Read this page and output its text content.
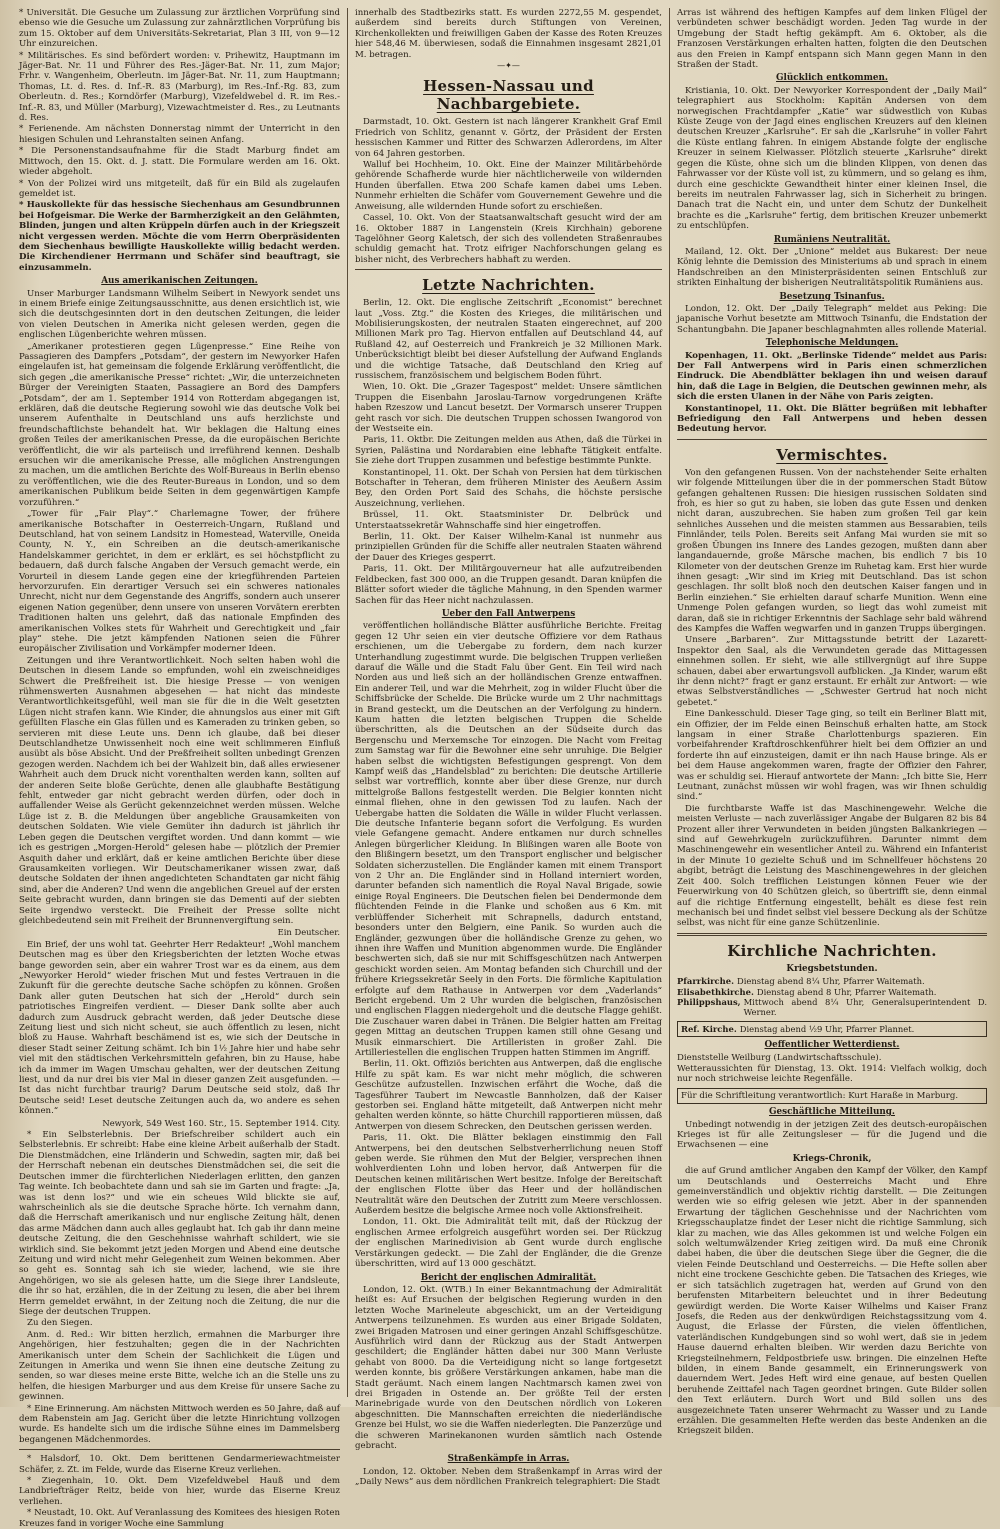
* Universität. Die Gesuche um Zulassung zur ärztlichen Vorprüfung sind ebenso wie die Gesuche um Zulassung zur zahnärztlichen Vorprüfung bis zum 15. Oktober auf dem Universitäts-Sekretariat, Plan 3 III, von 9—12 Uhr einzureichen.

* Militärisches. Es sind befördert worden: v. Prihewitz, Hauptmann im Jäger-Bat. Nr. 11 und Führer des Res.-Jäger-Bat. Nr. 11, zum Major; Frhr. v. Wangenheim, Oberleutn. im Jäger-Bat. Nr. 11, zum Hauptmann; Thomas, Lt. d. Res. d. Inf.-R. 83 (Marburg), im Res.-Inf.-Rg. 83, zum Oberleutn. d. Res.; Korndörfer (Marburg), Vizefeldwebel d. R. im Res.-Inf.-R. 83, und Müller (Marburg), Vizewachtmeister d. Res., zu Leutnants d. Res.

* Ferienende. Am nächsten Donnerstag nimmt der Unterricht in den hiesigen Schulen und Lehranstalten seinen Anfang.

* Die Personenstandsaufnahme für die Stadt Marburg findet am Mittwoch, den 15. Okt. d. J. statt. Die Formulare werden am 16. Okt. wieder abgeholt.

* Von der Polizei wird uns mitgeteilt, daß für ein Bild als zugelaufen gemeldet ist.

* Hauskollekte für das hessische Siechenhaus am Gesundbrunnen bei Hofgeismar. Die Werke der Barmherzigkeit an den Gelähmten, Blinden, jungen und alten Krüppeln dürfen auch in der Kriegszeit nicht vergessen werden. Möchte die vom Herrn Oberpräsidenten dem Siechenhaus bewilligte Hauskollekte willig bedacht werden. Die Kirchendiener Herrmann und Schäfer sind beauftragt, sie einzusammeln.

Aus amerikanischen Zeitungen.

Unser Marburger Landsmann Wilhelm Seibert in Newyork sendet uns in einem Briefe einige Zeitungsausschnitte, aus denen ersichtlich ist, wie sich die deutschgesinnten dort in den deutschen Zeitungen, die leider von vielen Deutschen in Amerika nicht gelesen werden, gegen die englischen Lügenberichte wehren müssen.

„Amerikaner protestieren gegen Lügenpresse.“ Eine Reihe von Passagieren des Dampfers „Potsdam“, der gestern im Newyorker Hafen eingelaufen ist, hat gemeinsam die folgende Erklärung veröffentlicht, die sich gegen „die amerikanische Presse“ richtet: „Wir, die unterzeichneten Bürger der Vereinigten Staaten, Passagiere an Bord des Dampfers „Potsdam“, der am 1. September 1914 von Rotterdam abgegangen ist, erklären, daß die deutsche Regierung sowohl wie das deutsche Volk bei unserem Aufenthalte in Deutschland uns aufs herzlichste und freundschaftlichste behandelt hat. Wir beklagen die Haltung eines großen Teiles der amerikanischen Presse, da die europäischen Berichte veröffentlicht, die wir als parteiisch und irreführend kennen. Deshalb ersuchen wir die amerikanische Presse, alle möglichen Anstrengungen zu machen, um die amtlichen Berichte des Wolf-Bureaus in Berlin ebenso zu veröffentlichen, wie die des Reuter-Bureaus in London, und so dem amerikanischen Publikum beide Seiten in dem gegenwärtigen Kampfe vorzuführen.“

„Tower für „Fair Play“.“ Charlemagne Tower, der frühere amerikanische Botschafter in Oesterreich-Ungarn, Rußland und Deutschland, hat von seinem Landsitz in Homestead, Waterville, Oneida County, N. Y., ein Schreiben an die deutsch-amerikanische Handelskammer gerichtet, in dem er erklärt, es sei höchstpflicht zu bedauern, daß durch falsche Angaben der Versuch gemacht werde, ein Vorurteil in diesem Lande gegen eine der kriegführenden Parteien hervorzurufen. Ein derartiger Versuch sei ein schweres nationales Unrecht, nicht nur dem Gegenstande des Angriffs, sondern auch unserer eigenen Nation gegenüber, denn unsere von unseren Vorvätern ererbten Traditionen halten uns gelehrt, daß das nationale Empfinden des amerikanischen Volkes stets für Wahrheit und Gerechtigkeit und „fair play“ stehe. Die jetzt kämpfenden Nationen seien die Führer europäischer Zivilisation und Vorkämpfer moderner Ideen.

Zeitungen und ihre Verantwortlichkeit. Noch selten haben wohl die Deutschen in diesem Lande so empfunden, wohl ein zweischneidiges Schwert die Preßfreiheit ist. Die hiesige Presse — von wenigen rühmenswerten Ausnahmen abgesehen — hat nicht das mindeste Verantwortlichkeitsgefühl, weil man sie für die in die Welt gesetzten Lügen nicht strafen kann. Wie Kinder, die ahnungslos aus einer mit Gift gefüllten Flasche ein Glas füllen und es Kameraden zu trinken geben, so servieren mit diese Leute uns. Denn ich glaube, daß bei dieser Deutschlandhetze Unwissenheit noch eine weit schlimmeren Einfluß ausübt als böse Absicht. Und der Preßfreiheit sollten unbedingt Grenzen gezogen werden. Nachdem ich bei der Wahlzeit bin, daß alles erwiesener Wahrheit auch dem Druck nicht vorenthalten werden kann, sollten auf der anderen Seite bloße Gerüchte, denen alle glaubhafte Bestätigung fehlt, entweder gar nicht gebracht werden dürfen, oder doch in auffallender Weise als Gerücht gekennzeichnet werden müssen. Welche Lüge ist z. B. die Meldungen über angebliche Grausamkeiten von deutschen Soldaten. Wie viele Gemüter ihn dadurch ist jährlich ihr Leben gegen die Deutschen vergiftet worden. Und dann kommt — wie ich es gestrigen „Morgen-Herold“ gelesen habe — plötzlich der Premier Asquith daher und erklärt, daß er keine amtlichen Berichte über diese Grausamkeiten vorliegen. Wir Deutschamerikaner wissen zwar, daß deutsche Soldaten der ihnen angedichteten Schandtaten gar nicht fähig sind, aber die Anderen? Und wenn die angeblichen Greuel auf der ersten Seite gebracht wurden, dann bringen sie das Dementi auf der siebten Seite irgendwo versteckt. Die Freiheit der Presse sollte nicht gleichbedeutend sein mit Freiheit der Brunnenvergiftung sein.

Ein Deutscher.

Ein Brief, der uns wohl tat. Geehrter Herr Redakteur! „Wohl manchem Deutschen mag es über den Kriegsberichten der letzten Woche etwas bange geworden sein, aber ein wahrer Trost war es da einem, aus dem „Newyorker Herold“ wieder frischen Mut und festes Vertrauen in die Zukunft für die gerechte deutsche Sache schöpfen zu können. Großen Dank aller guten Deutschen hat sich der „Herold“ durch sein patriotisches Eingreifen verdient. — Dieser Dank sollte aber auch dadurch zum Ausdruck gebracht werden, daß jeder Deutsche diese Zeitung liest und sich nicht scheut, sie auch öffentlich zu lesen, nicht bloß zu Hause. Wahrhaft beschämend ist es, wie sich der Deutsche in dieser Stadt seiner Zeitung schämt. Ich bin 1½ Jahre hier und habe sehr viel mit den städtischen Verkehrsmitteln gefahren, bin zu Hause, habe ich da immer im Wagen Umschau gehalten, wer der deutschen Zeitung liest, und da nur drei bis vier Mal in dieser ganzen Zeit ausgefunden. — Ist das nicht furchtbar traurig? Darum Deutsche seid stolz, daß Ihr Deutsche seid! Leset deutsche Zeitungen auch da, wo andere es sehen können.“

Newyork, 549 West 160. Str., 15. September 1914. City.

* Ein Selbsterlebnis. Der Briefschreiber schildert auch ein Selbsterlebnis. Er schreibt: Habe eine kleine Arbeit außerhalb der Stadt. Die Dienstmädchen, eine Irländerin und Schwedin, sagten mir, daß bei der Herrschaft nebenan ein deutsches Dienstmädchen sei, die seit die Deutschen immer die fürchterlichen Niederlagen erlitten, den ganzen Tag weinte. Ich beobachtete dann und sah sie im Garten und fragte: „Ja, was ist denn los?“ und wie ein scheues Wild blickte sie auf, wahrscheinlich als sie die deutsche Sprache hörte. Ich vernahm dann, daß die Herrschaft amerikanisch und nur englische Zeitung hält, denen das arme Mädchen dann auch alles geglaubt hat. Ich gab ihr dann meine deutsche Zeitung, die den Geschehnisse wahrhaft schildert, wie sie wirklich sind. Sie bekommt jetzt jeden Morgen und Abend eine deutsche Zeitung und wird nicht mehr Gelegenheit zum Weinen bekommen. Aber so geht es. Sonntag sah ich sie wieder, lachend, wie sie ihre Angehörigen, wo sie als gelesen hatte, um die Siege ihrer Landsleute, die ihr so hat, erzählen, die in der Zeitung zu lesen, die aber bei ihrem Herrn gemeldet erwähnt, in der Zeitung noch die Zeitung, die nur die Siege der deutschen Truppen.

Zu den Siegen.

Anm. d. Red.: Wir bitten herzlich, ermahnen die Marburger ihre Angehörigen, hier festzuhalten; gegen die in der Nachrichten Amerikanisch unter dem Schein der Sachlichkeit die Lügen und Zeitungen in Amerika und wenn Sie ihnen eine deutsche Zeitung zu senden, so war dieses meine erste Bitte, welche ich an die Stelle uns zu helfen, die hiesigen Marburger und aus dem Kreise für unsere Sache zu gewinnen.

* Eine Erinnerung. Am nächsten Mittwoch werden es 50 Jahre, daß auf dem Rabenstein am Jag. Gericht über die letzte Hinrichtung vollzogen wurde. Es handelte sich um die irdische Sühne eines im Dammelsberg begangenen Mädchenmordes.

* Halsdorf, 10. Okt. Dem berittenen Gendarmeriewachtmeister Schäfer, z. Zt. im Felde, wurde das Eiserne Kreuz verliehen.

* Ziegenhain, 10. Okt. Dem Vizefeldwebel Hauß und dem Landbriefträger Reitz, beide von hier, wurde das Eiserne Kreuz verliehen.

* Neustadt, 10. Okt. Auf Veranlassung des Komitees des hiesigen Roten Kreuzes fand in voriger Woche eine Sammlung

innerhalb des Stadtbezirks statt. Es wurden 2272,55 M. gespendet, außerdem sind bereits durch Stiftungen von Vereinen, Kirchenkollekten und freiwilligen Gaben der Kasse des Roten Kreuzes hier 548,46 M. überwiesen, sodaß die Einnahmen insgesamt 2821,01 M. betragen.

—✦—
Hessen-Nassau und Nachbargebiete.

Darmstadt, 10. Okt. Gestern ist nach längerer Krankheit Graf Emil Friedrich von Schlitz, genannt v. Görtz, der Präsident der Ersten hessischen Kammer und Ritter des Schwarzen Adlerordens, im Alter von 64 Jahren gestorben.

Walluf bei Hochheim, 10. Okt. Eine der Mainzer Militärbehörde gehörende Schafherde wurde hier nächtlicherweile von wildernden Hunden überfallen. Etwa 200 Schafe kamen dabei ums Leben. Nunmehr erhielten die Schäfer vom Gouvernement Gewehre und die Anweisung, alle wildernden Hunde sofort zu erschießen.

Cassel, 10. Okt. Von der Staatsanwaltschaft gesucht wird der am 16. Oktober 1887 in Langenstein (Kreis Kirchhain) geborene Tagelöhner Georg Kaletsch, der sich des vollendeten Straßenraubes schuldig gemacht hat. Trotz eifriger Nachforschungen gelang es bisher nicht, des Verbrechers habhaft zu werden.

Letzte Nachrichten.

Berlin, 12. Okt. Die englische Zeitschrift „Economist“ berechnet laut „Voss. Ztg.“ die Kosten des Krieges, die militärischen und Mobilisierungskosten, der neutralen Staaten eingerechnet, auf 200 Millionen Mark pro Tag. Hiervon entfallen auf Deutschland 44, auf Rußland 42, auf Oesterreich und Frankreich je 32 Millionen Mark. Unberücksichtigt bleibt bei dieser Aufstellung der Aufwand Englands und die wichtige Tatsache, daß Deutschland den Krieg auf russischem, französischem und belgischem Boden führt.

Wien, 10. Okt. Die „Grazer Tagespost“ meldet: Unsere sämtlichen Truppen die Eisenbahn Jaroslau-Tarnow vorgedrungenen Kräfte haben Rzeszow und Lancut besetzt. Der Vormarsch unserer Truppen geht rasch vor sich. Die deutschen Truppen schossen Iwangorod von der Westseite ein.

Paris, 11. Oktbr. Die Zeitungen melden aus Athen, daß die Türkei in Syrien, Palästina und Nordarabien eine lebhafte Tätigkeit entfalte. Sie ziehe dort Truppen zusammen und befestige bestimmte Punkte.

Konstantinopel, 11. Okt. Der Schah von Persien hat dem türkischen Botschafter in Teheran, dem früheren Minister des Aeußern Assim Bey, den Orden Port Said des Schahs, die höchste persische Auszeichnung, verliehen.

Brüssel, 11. Okt. Staatsminister Dr. Delbrück und Unterstaatssekretär Wahnschaffe sind hier eingetroffen.

Berlin, 11. Okt. Der Kaiser Wilhelm-Kanal ist nunmehr aus prinzipiellen Gründen für die Schiffe aller neutralen Staaten während der Dauer des Krieges gesperrt.

Paris, 11. Okt. Der Militärgouverneur hat alle aufzutreibenden Feldbecken, fast 300 000, an die Truppen gesandt. Daran knüpfen die Blätter sofort wieder die tägliche Mahnung, in den Spenden warmer Sachen für das Heer nicht nachzulassen.

Ueber den Fall Antwerpens

veröffentlichen holländische Blätter ausführliche Berichte. Freitag gegen 12 Uhr seien ein vier deutsche Offiziere vor dem Rathaus erschienen, um die Uebergabe zu fordern, dem nach kurzer Unterhandlung zugestimmt wurde. Die belgischen Truppen verließen darauf die Wälle und die Stadt Falu über Gent. Ein Teil wird nach Norden aus und ließ sich an der holländischen Grenze entwaffnen. Ein anderer Teil, und war die Mehrheit, zog in wilder Flucht über die Schiffsbrücke der Schelde. Die Brücke wurde um 2 Uhr nachmittags in Brand gesteckt, um die Deutschen an der Verfolgung zu hindern. Kaum hatten die letzten belgischen Truppen die Schelde überschritten, als die Deutschen an der Südseite durch das Bergenschu und Merxemsche Tor einzogen. Die Nacht vom Freitag zum Samstag war für die Bewohner eine sehr unruhige. Die Belgier haben selbst die wichtigsten Befestigungen gesprengt. Von dem Kampf weiß das „Handelsblad“ zu berichten: Die deutsche Artillerie selbst war vortrefflich, konnte aber über diese Grenze, nur durch mittelgroße Ballons festgestellt werden. Die Belgier konnten nicht einmal fliehen, ohne in den gewissen Tod zu laufen. Nach der Uebergabe hatten die Soldaten die Wälle in wilder Flucht verlassen. Die deutsche Infanterie begann sofort die Verfolgung. Es wurden viele Gefangene gemacht. Andere entkamen nur durch schnelles Anlegen bürgerlicher Kleidung. In Blißingen waren alle Boote von den Blißingern besetzt, um den Transport englischer und belgischer Soldaten sicherzustellen. Die Engländer kamen mit einem Transport von 2 Uhr an. Die Engländer sind in Holland interniert worden, darunter befanden sich namentlich die Royal Naval Brigade, sowie einige Royal Engineers. Die Deutschen fielen bei Dendermonde dem flüchtenden Feinde in die Flanke und schoßen aus 6 Km. mit verblüffender Sicherheit mit Schrapnells, dadurch entstand, besonders unter den Belgiern, eine Panik. So wurden auch die Engländer, gezwungen über die holländische Grenze zu gehen, wo ihnen ihre Waffen und Munition abgenommen wurde. Die Engländer beschwerten sich, daß sie nur mit Schiffsgeschützen nach Antwerpen geschickt worden seien. Am Montag befanden sich Churchill und der frühere Kriegssekretär Seely in den Forts. Die förmliche Kapitulation erfolgte auf dem Rathause in Antwerpen vor dem „Vaderlands“ Bericht ergebend. Um 2 Uhr wurden die belgischen, französischen und englischen Flaggen niedergeholt und die deutsche Flagge gehißt. Die Zuschauer waren dabei in Tränen. Die Belgier hatten am Freitag gegen Mittag an deutschen Truppen kamen still ohne Gesang und Musik einmarschiert. Die Artilleristen in großer Zahl. Die Artilleriestellen die englischen Truppen hatten Stimmen im Angriff.

Berlin, 11. Okt. Offiziös berichten aus Antwerpen, daß die englische Hilfe zu spät kam. Es war nicht mehr möglich, die schweren Geschütze aufzustellen. Inzwischen erfährt die Woche, daß die Tagesführer Taubert im Newcastle Bannholzen, daß der Kaiser gestorben sei. England hätte mitgeteilt, daß Antwerpen nicht mehr gehalten werden könnte, so hätte Churchill rapportieren müssen, daß Antwerpen von diesem Schrecken, den Deutschen gerissen werden.

Paris, 11. Okt. Die Blätter beklagen einstimmig den Fall Antwerpens, bei den deutschen Selbstverherrlichung neuen Stoff geben werde. Sie rühmen den Mut der Belgier, versprechen ihnen wohlverdienten Lohn und loben hervor, daß Antwerpen für die Deutschen keinen militärischen Wert besitze. Infolge der Bereitschaft der englischen Flotte über das Heer und der holländischen Neutralität wäre den Deutschen der Zutritt zum Meere verschlossen. Außerdem besitze die belgische Armee noch volle Aktionsfreiheit.

London, 11. Okt. Die Admiralität teilt mit, daß der Rückzug der englischen Armee erfolgreich ausgeführt worden sei. Der Rückzug der englischen Marinedivision ab Gent wurde durch englische Verstärkungen gedeckt. — Die Zahl der Engländer, die die Grenze überschritten, wird auf 13 000 geschätzt.

Bericht der englischen Admiralität.

London, 12. Okt. (WTB.) In einer Bekanntmachung der Admiralität heißt es: Auf Ersuchen der belgischen Regierung wurden in den letzten Woche Marineleute abgeschickt, um an der Verteidigung Antwerpens teilzunehmen. Es wurden aus einer Brigade Soldaten, zwei Brigaden Matrosen und einer geringen Anzahl Schiffsgeschütze. Ausführlich wird dann der Rückzug aus der Stadt Antwerpen geschildert; die Engländer hätten dabei nur 300 Mann Verluste gehabt von 8000. Da die Verteidigung nicht so lange fortgesetzt werden konnte, bis größere Verstärkungen ankamen, habe man die Stadt geräumt. Nach einem langen Nachtmarsch kamen zwei von drei Brigaden in Ostende an. Der größte Teil der ersten Marinebrigade wurde von den Deutschen nördlich von Lokeren abgeschnitten. Die Mannschaften erreichten die niederländische Grenze bei Hulst, wo sie die Waffen niederlegten. Die Panzerzüge und die schweren Marinekanonen wurden sämtlich nach Ostende gebracht.

Straßenkämpfe in Arras.

London, 12. Oktober. Neben dem Straßenkampf in Arras wird der „Daily News“ aus dem nördlichen Frankreich telegraphiert: Die Stadt

Arras ist während des heftigen Kampfes auf dem linken Flügel der verbündeten schwer beschädigt worden. Jeden Tag wurde in der Umgebung der Stadt heftig gekämpft. Am 6. Oktober, als die Franzosen Verstärkungen erhalten hatten, folgten die den Deutschen aus den Freien in Kampf entspann sich Mann gegen Mann in den Straßen der Stadt.

Glücklich entkommen.

Kristiania, 10. Okt. Der Newyorker Korrespondent der „Daily Mail“ telegraphiert aus Stockholm: Kapitän Andersen von dem norwegischen Frachtdampfer „Katie“ war südwestlich von Kubas Küste Zeuge von der Jagd eines englischen Kreuzers auf den kleinen deutschen Kreuzer „Karlsruhe“. Er sah die „Karlsruhe“ in voller Fahrt die Küste entlang fahren. In einigem Abstande folgte der englische Kreuzer in seinem Kielwasser. Plötzlich steuerte „Karlsruhe“ direkt gegen die Küste, ohne sich um die blinden Klippen, von denen das Fahrwasser vor der Küste voll ist, zu kümmern, und so gelang es ihm, durch eine geschickte Gewandtheit hinter einer kleinen Insel, die bereits im neutralen Fahrwasser lag, sich in Sicherheit zu bringen. Danach trat die Nacht ein, und unter dem Schutz der Dunkelheit brachte es die „Karlsruhe“ fertig, dem britischen Kreuzer unbemerkt zu entschlüpfen.

Rumäniens Neutralität.

Mailand, 12. Okt. Der „Unione“ meldet aus Bukarest: Der neue König lehnte die Demission des Ministeriums ab und sprach in einem Handschreiben an den Ministerpräsidenten seinen Entschluß zur strikten Einhaltung der bisherigen Neutralitätspolitik Rumäniens aus.

Besetzung Tsinanfus.

London, 12. Okt. Der „Daily Telegraph“ meldet aus Peking: Die japanische Vorhut besetzte am Mittwoch Tsinanfu, die Endstation der Schantungbahn. Die Japaner beschlagnahmten alles rollende Material.

Telephonische Meldungen.

Kopenhagen, 11. Okt. „Berlinske Tidende“ meldet aus Paris: Der Fall Antwerpens wird in Paris einen schmerzlichen Eindruck. Die Abendblätter beklagen ihn und weisen darauf hin, daß die Lage in Belgien, die Deutschen gewinnen mehr, als sich die ersten Ulanen in der Nähe von Paris zeigten.

Konstantinopel, 11. Okt. Die Blätter begrüßen mit lebhafter Befriedigung den Fall Antwerpens und heben dessen Bedeutung hervor.

Vermischtes.

Von den gefangenen Russen. Von der nachstehender Seite erhalten wir folgende Mitteilungen über die in der pommerschen Stadt Bütow gefangen gehaltenen Russen: Die hiesigen russischen Soldaten sind froh, es hier so gut zu haben, sie loben das gute Essen und denken nicht daran, auszubrechen. Sie haben zum großen Teil gar kein sehnliches Aussehen und die meisten stammen aus Bessarabien, teils Finnländer, teils Polen. Bereits seit Anfang Mai wurden sie mit so großen Übungen ins Innere des Landes gezogen, mußten dann aber langandauernde, große Märsche machen, bis endlich 7 bis 10 Kilometer von der deutschen Grenze im Ruhetag kam. Erst hier wurde ihnen gesagt: „Wir sind im Krieg mit Deutschland. Das ist schon geschlagen. Ihr sollt bloß noch den deutschen Kaiser fangen und in Berlin einziehen.“ Sie erhielten darauf scharfe Munition. Wenn eine Unmenge Polen gefangen wurden, so liegt das wohl zumeist mit daran, daß sie in richtiger Erkenntnis der Sachlage sehr bald während des Kampfes die Waffen wegwarfen und in ganzen Trupps übergingen.

Unsere „Barbaren“. Zur Mittagsstunde betritt der Lazarett-Inspektor den Saal, als die Verwundeten gerade das Mittagessen einnehmen sollen. Er sieht, wie alle stillvergnügt auf ihre Suppe schauen, dabei aber erwartungsvoll aufblicken. „Ja Kinder, warum eßt ihr denn nicht?“ fragt er ganz erstaunt. Er erhält zur Antwort: — wie etwas Selbstverständliches — „Schwester Gertrud hat noch nicht gebetet.“

Eine Dankesschuld. Dieser Tage ging, so teilt ein Berliner Blatt mit, ein Offizier, der im Felde einen Beinschuß erhalten hatte, am Stock langsam in einer Straße Charlottenburgs spazieren. Ein vorbeifahrender Kraftdroschkenführer hielt bei dem Offizier an und forderte ihn auf einzusteigen, damit er ihn nach Hause bringe. Als er bei dem Hause angekommen waren, fragte der Offizier den Fahrer, was er schuldig sei. Hierauf antwortete der Mann: „Ich bitte Sie, Herr Leutnant, zunächst müssen wir wohl fragen, was wir Ihnen schuldig sind.“

Die furchtbarste Waffe ist das Maschinengewehr. Welche die meisten Verluste — nach zuverlässiger Angabe der Bulgaren 82 bis 84 Prozent aller ihrer Verwundeten in beiden jüngsten Balkankriegen — sind auf Gewehrkugeln zurückzuführen. Darunter nimmt dem Maschinengewehr ein wesentlicher Anteil zu. Während ein Infanterist in der Minute 10 gezielte Schuß und im Schnellfeuer höchstens 20 abgibt, beträgt die Leistung des Maschinengewehres in der gleichen Zeit 400. Solch trefflichen Leistungen können Feuer wie der Feuerwirkung von 40 Schützen gleich, so übertrifft sie, denn einmal auf die richtige Entfernung eingestellt, behält es diese fest rein mechanisch bei und findet selbst viel bessere Deckung als der Schütze selbst, was nicht für eine ganze Schützenlinie.

Kirchliche Nachrichten.
Kriegsbetstunden.
Pfarrkirche. Dienstag abend 8¼ Uhr, Pfarrer Waitemath.
Elisabethkirche. Dienstag abend 8 Uhr, Pfarrer Waitemath.
Philippshaus, Mittwoch abend 8¼ Uhr, Generalsuperintendent D. Werner.
Ref. Kirche. Dienstag abend ½9 Uhr, Pfarrer Plannet.
Oeffentlicher Wetterdienst.

Dienststelle Weilburg (Landwirtschaftsschule).

Wetteraussichten für Dienstag, 13. Okt. 1914: Vielfach wolkig, doch nur noch strichweise leichte Regenfälle.

Für die Schriftleitung verantwortlich: Kurt Haraße in Marburg.
Geschäftliche Mitteilung.

Unbedingt notwendig in der jetzigen Zeit des deutsch-europäischen Krieges ist für alle Zeitungsleser — für die Jugend und die Erwachsenen — eine

Kriegs-Chronik,

die auf Grund amtlicher Angaben den Kampf der Völker, den Kampf um Deutschlands und Oesterreichs Macht und Ehre gemeinverständlich und objektiv richtig darstellt. — Die Zeitungen werden wie so eifrig gelesen wie jetzt. Aber in der spannenden Erwartung der täglichen Geschehnisse und der Nachrichten vom Kriegsschauplatze findet der Leser nicht die richtige Sammlung, sich klar zu machen, wie das Alles gekommen ist und welche Folgen ein solch weltumwälzender Krieg zeitigen wird. Da muß eine Chronik dabei haben, die über die deutschen Siege über die Gegner, die die vielen Feinde Deutschland und Oesterreichs. — Die Hefte sollen aber nicht eine trockene Geschichte geben. Die Tatsachen des Krieges, wie er sich tatsächlich zugetragen hat, werden auf Grund von den berufensten Mitarbeitern beleuchtet und in ihrer Bedeutung gewürdigt werden. Die Worte Kaiser Wilhelms und Kaiser Franz Josefs, die Reden aus der denkwürdigen Reichstagssitzung vom 4. August, die Erlasse der Fürsten, die vielen öffentlichen, vaterländischen Kundgebungen sind so wohl wert, daß sie in jedem Hause dauernd erhalten bleiben. Wir werden dazu Berichte von Kriegsteilnehmern, Feldpostbriefe usw. bringen. Die einzelnen Hefte bilden, in einem Bande gesammelt, ein Erinnerungswerk von dauerndem Wert. Jedes Heft wird eine genaue, auf besten Quellen beruhende Zeittafel nach Tagen geordnet bringen. Gute Bilder sollen den Text erläutern. Durch Wort und Bild sollen uns des ausgezeichnete Taten unserer Wehrmacht zu Wasser und zu Lande erzählen. Die gesammelten Hefte werden das beste Andenken an die Kriegszeit bilden.
